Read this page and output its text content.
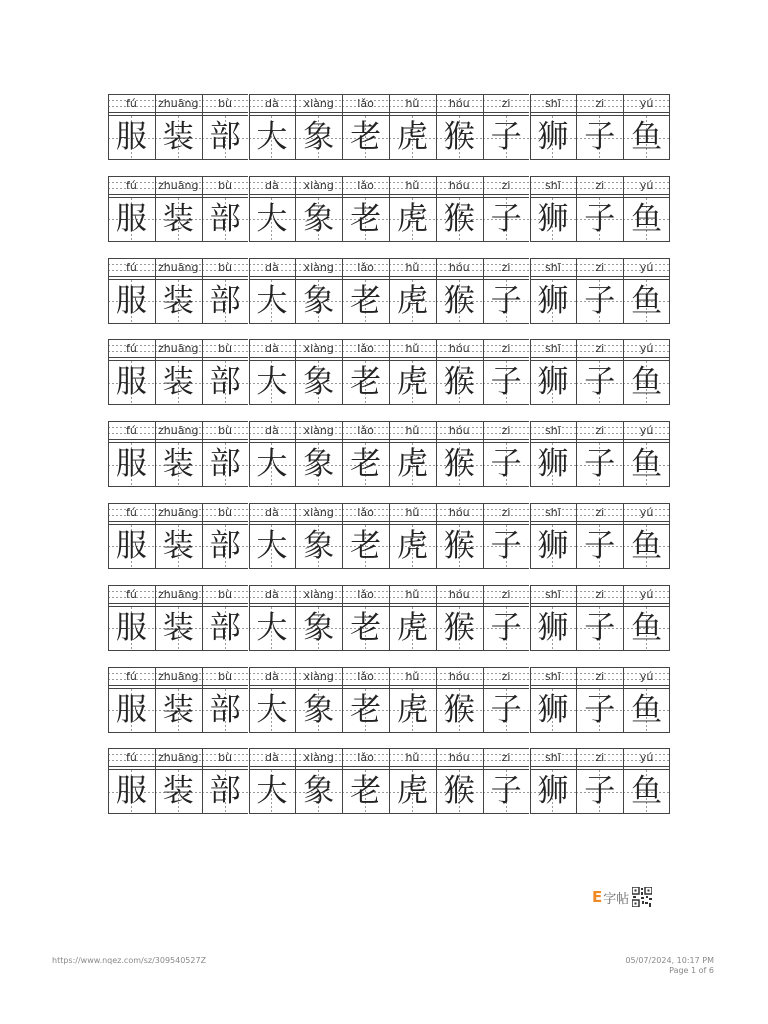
fú
服
zhuāng
装
bù
部
dà
大
xiàng
象
lǎo
老
hǔ
虎
hóu
猴
zi
子
shī
狮
zi
子
yú
鱼
fú
服
zhuāng
装
bù
部
dà
大
xiàng
象
lǎo
老
hǔ
虎
hóu
猴
zi
子
shī
狮
zi
子
yú
鱼
fú
服
zhuāng
装
bù
部
dà
大
xiàng
象
lǎo
老
hǔ
虎
hóu
猴
zi
子
shī
狮
zi
子
yú
鱼
fú
服
zhuāng
装
bù
部
dà
大
xiàng
象
lǎo
老
hǔ
虎
hóu
猴
zi
子
shī
狮
zi
子
yú
鱼
fú
服
zhuāng
装
bù
部
dà
大
xiàng
象
lǎo
老
hǔ
虎
hóu
猴
zi
子
shī
狮
zi
子
yú
鱼
fú
服
zhuāng
装
bù
部
dà
大
xiàng
象
lǎo
老
hǔ
虎
hóu
猴
zi
子
shī
狮
zi
子
yú
鱼
fú
服
zhuāng
装
bù
部
dà
大
xiàng
象
lǎo
老
hǔ
虎
hóu
猴
zi
子
shī
狮
zi
子
yú
鱼
fú
服
zhuāng
装
bù
部
dà
大
xiàng
象
lǎo
老
hǔ
虎
hóu
猴
zi
子
shī
狮
zi
子
yú
鱼
fú
服
zhuāng
装
bù
部
dà
大
xiàng
象
lǎo
老
hǔ
虎
hóu
猴
zi
子
shī
狮
zi
子
yú
鱼
E 字帖
https://www.nqez.com/sz/309540527Z	05/07/2024, 10:17 PM
Page 1 of 6
